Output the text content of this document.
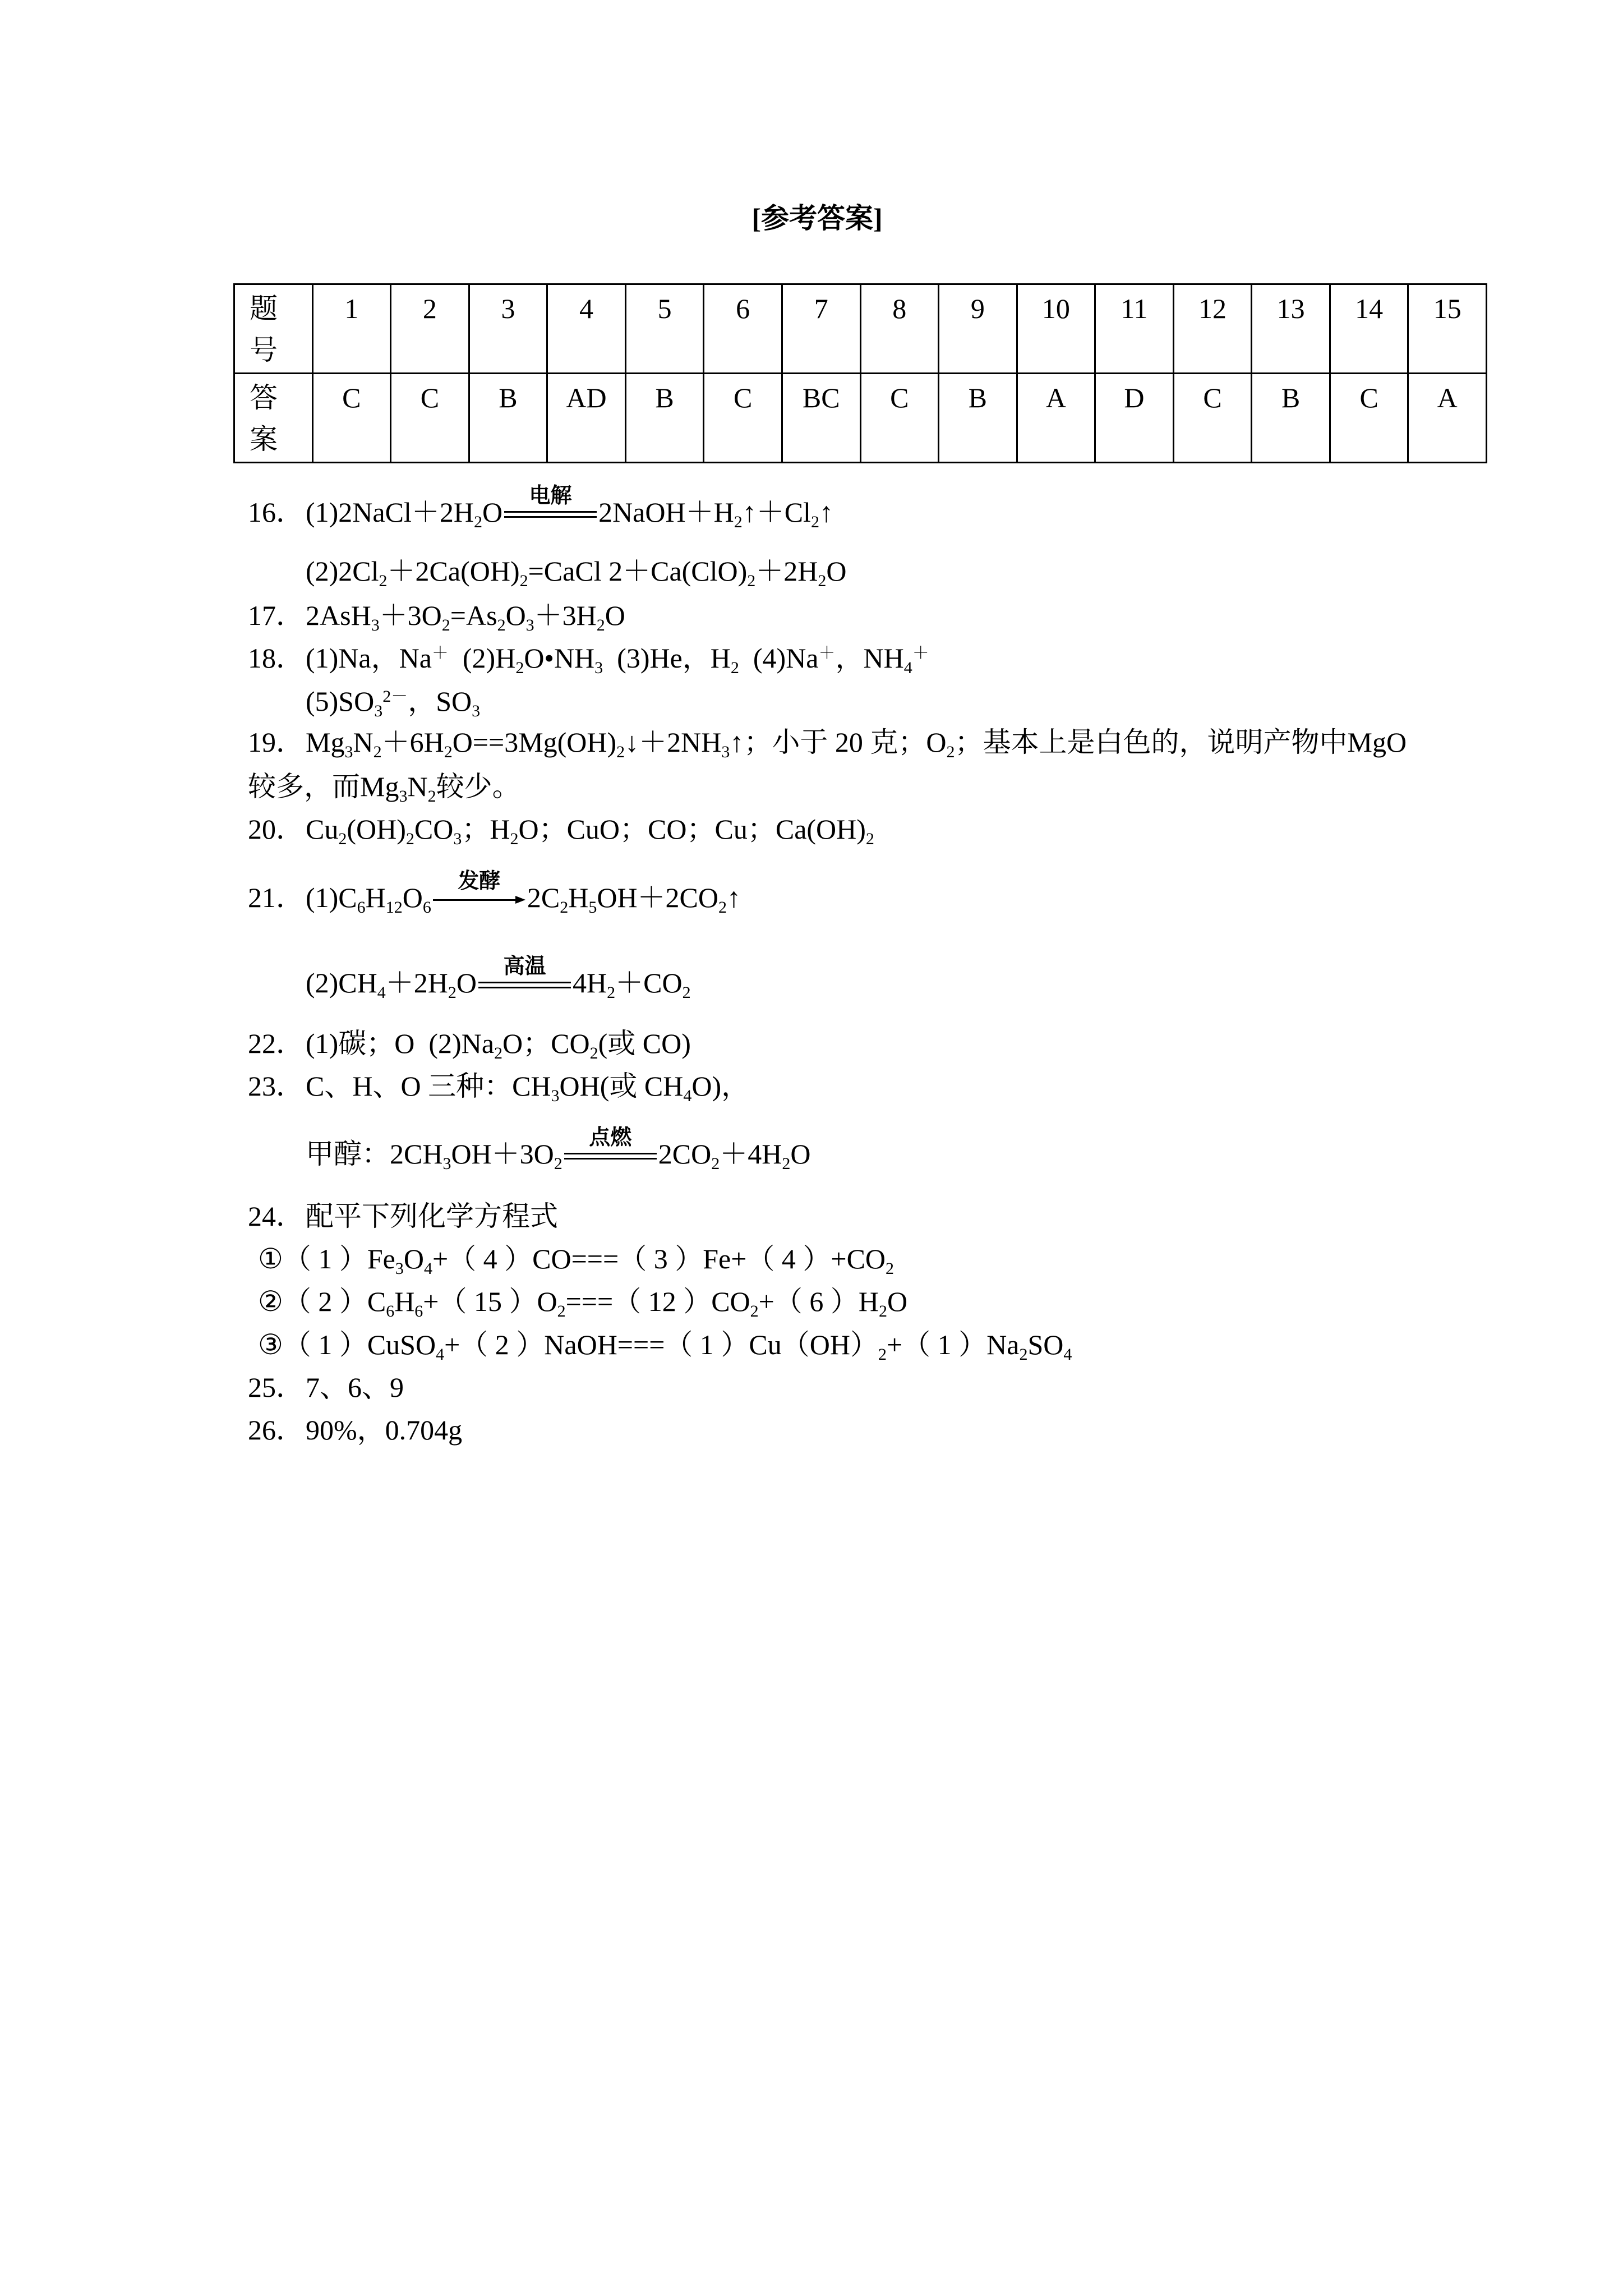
[参考答案]
题号	1	2	3	4	5	6	7	8	9	10	11	12	13	14	15

答案	C	C	B	AD	B	C	BC	C	B	A	D	C	B	C	A
16．$(1)2NaCl+2H_2O$
电解
$2NaOH+H_2↑+Cl_2↑$
$(2)2Cl_2+2Ca(OH)_2=CaCl$ $2+Ca(ClO)_2+2H_2O$
17．$2AsH_3+3O_2=As_2O_3+3H_2O$
18．(1)Na，Na＋  $(2)H_2O•NH_3$  (3)He，$H_2$  (4)Na＋，$NH_4^+$
$(5)SO_3^{2-}$，$SO_3$
19．$Mg_3N_2+6H_2O==3Mg(OH)_2↓+2NH_3↑$；小于 20 克；$O_2$；基本上是白色的，说明产物中MgO
较多，而$Mg_3N_2$较少。
20．$Cu_2(OH)_2CO_3$；$H_2O$；CuO；CO；Cu；$Ca(OH)_2$
21．$(1)C_6H_{12}O_6$
发酵
$2C_2H_5OH+2CO_2↑$
$(2)CH_4+2H_2O$
高温
$4H_2+CO_2$
22．(1)碳；O  $(2)Na_2O$；$CO_2$(或 CO)
23．C、H、O 三种：$CH_3OH$(或 $CH_4O$)，
甲醇：$2CH_3OH+3O_2$
点燃
$2CO_2+4H_2O$
24．配平下列化学方程式
①（ 1 ）$Fe_3O_4+$（ 4 ）CO===（ 3 ）Fe+（ 4 ）$+CO_2$
②（ 2 ）$C_6H_6+$（ 15 ）$O_2===$（ 12 ）$CO_2+$（ 6 ）$H_2O$
③（ 1 ）CuSO$_4$+（ 2 ）NaOH===（ 1 ）$Cu(OH)_2+$（ 1 ）$Na_2SO_4$
25．7、6、9
26．90%，0.704g
